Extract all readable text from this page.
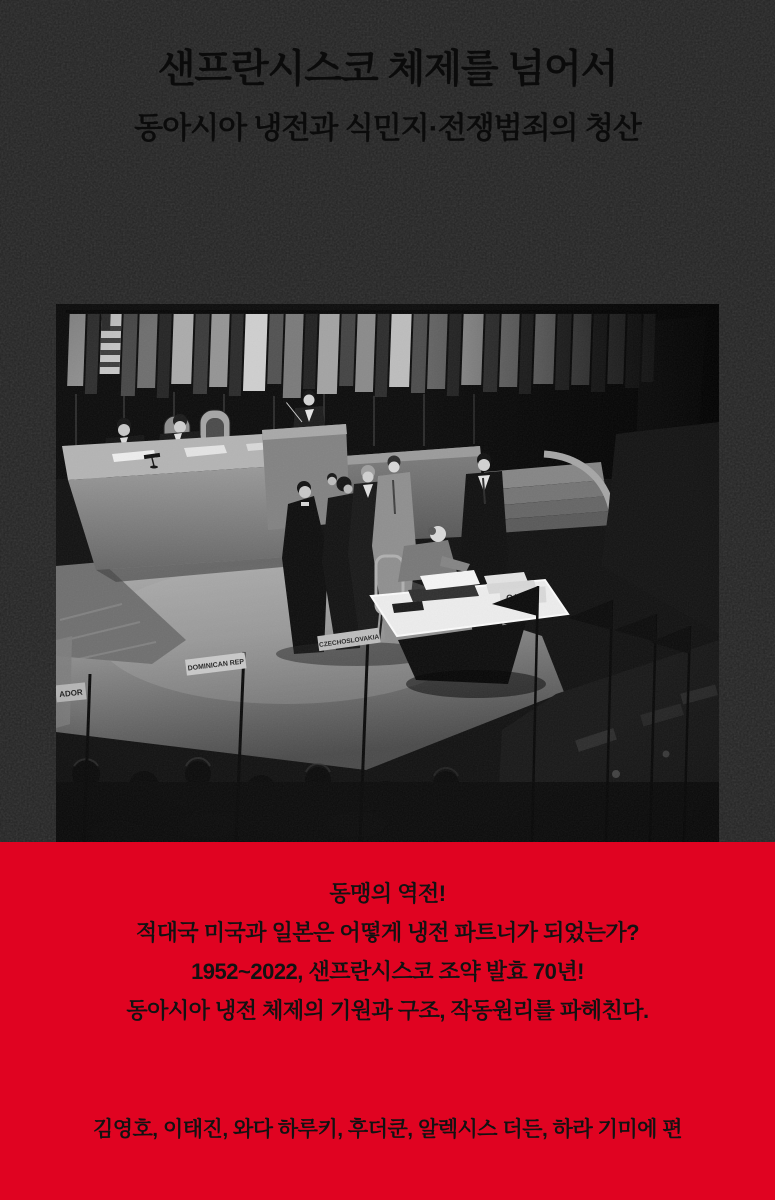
샌프란시스코 체제를 넘어서
동아시아 냉전과 식민지·전쟁범죄의 청산

동맹의 역전!

적대국 미국과 일본은 어떻게 냉전 파트너가 되었는가?

1952~2022, 샌프란시스코 조약 발효 70년!

동아시아 냉전 체제의 기원과 구조, 작동원리를 파헤친다.

김영호, 이태진, 와다 하루키, 후더쿤, 알렉시스 더든, 하라 기미에 편
